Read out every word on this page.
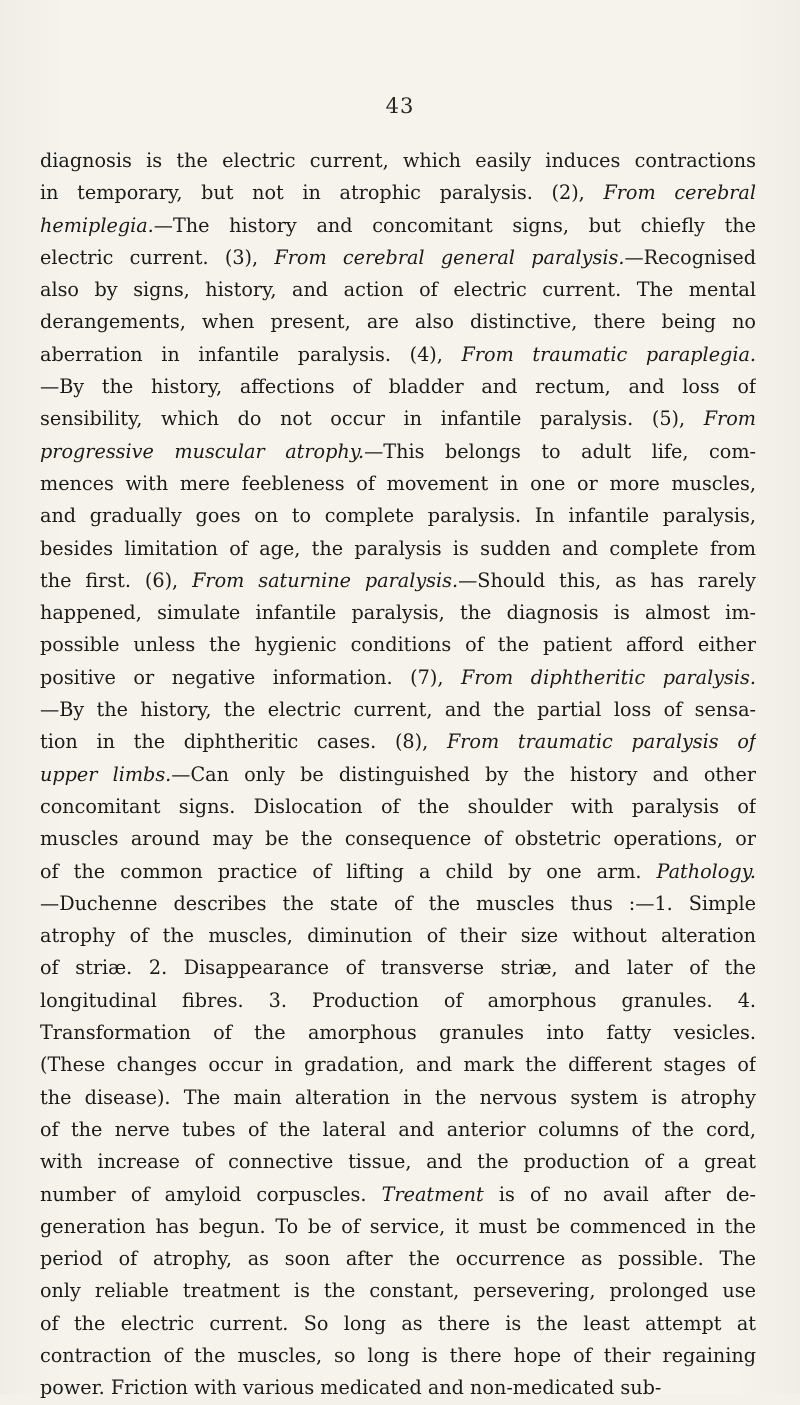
43
diagnosis is the electric current, which easily induces contractions
in temporary, but not in atrophic paralysis. (2), From cerebral
hemiplegia.—The history and concomitant signs, but chiefly the
electric current. (3), From cerebral general paralysis.—Recognised
also by signs, history, and action of electric current. The mental
derangements, when present, are also distinctive, there being no
aberration in infantile paralysis. (4), From traumatic paraplegia.
—By the history, affections of bladder and rectum, and loss of
sensibility, which do not occur in infantile paralysis. (5), From
progressive muscular atrophy.—This belongs to adult life, com-
mences with mere feebleness of movement in one or more muscles,
and gradually goes on to complete paralysis. In infantile paralysis,
besides limitation of age, the paralysis is sudden and complete from
the first. (6), From saturnine paralysis.—Should this, as has rarely
happened, simulate infantile paralysis, the diagnosis is almost im-
possible unless the hygienic conditions of the patient afford either
positive or negative information. (7), From diphtheritic paralysis.
—By the history, the electric current, and the partial loss of sensa-
tion in the diphtheritic cases. (8), From traumatic paralysis of
upper limbs.—Can only be distinguished by the history and other
concomitant signs. Dislocation of the shoulder with paralysis of
muscles around may be the consequence of obstetric operations, or
of the common practice of lifting a child by one arm. Pathology.
—Duchenne describes the state of the muscles thus :—1. Simple
atrophy of the muscles, diminution of their size without alteration
of striæ. 2. Disappearance of transverse striæ, and later of the
longitudinal fibres. 3. Production of amorphous granules. 4.
Transformation of the amorphous granules into fatty vesicles.
(These changes occur in gradation, and mark the different stages of
the disease). The main alteration in the nervous system is atrophy
of the nerve tubes of the lateral and anterior columns of the cord,
with increase of connective tissue, and the production of a great
number of amyloid corpuscles. Treatment is of no avail after de-
generation has begun. To be of service, it must be commenced in the
period of atrophy, as soon after the occurrence as possible. The
only reliable treatment is the constant, persevering, prolonged use
of the electric current. So long as there is the least attempt at
contraction of the muscles, so long is there hope of their regaining
power. Friction with various medicated and non-medicated sub-
